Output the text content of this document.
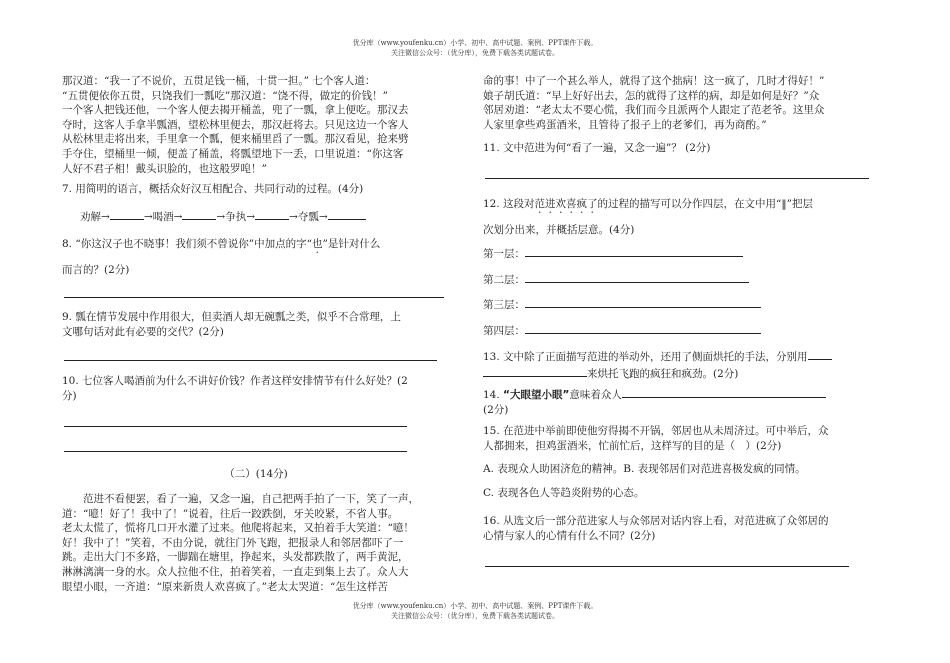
优分库（www.youfenku.cn）小学、初中、高中试题、案例、PPT课件下载。
关注微信公众号：（优分库），免费下载各类试题试卷。
那汉道：“我一了不说价，五贯足钱一桶，十贯一担。” 七个客人道：
“五贯便依你五贯，只饶我们一瓢吃”那汉道：“饶不得，做定的价钱！”
一个客人把钱还他，一个客人便去揭开桶盖，兜了一瓢，拿上便吃。那汉去
夺时，这客人手拿半瓢酒，望松林里便去，那汉赶将去。只见这边一个客人
从松林里走将出来，手里拿一个瓢，便来桶里舀了一瓢。那汉看见，抢来劈
手夺住，望桶里一倾，便盖了桶盖，将瓢望地下一丢，口里说道：“你这客
人好不君子相！戴头识脸的，也这般罗唣！”
7. 用简明的语言，概括众好汉互相配合、共同行动的过程。(4分)
劝解→	→喝酒→	→争执→	→夺瓢→
8. “你这汉子也不晓事！我们须不曾说你”中加点的字“也”是针对什么
而言的？(2分)
9. 瓢在情节发展中作用很大，但卖酒人却无碗瓢之类，似乎不合常理，上
文哪句话对此有必要的交代？(2分)
10. 七位客人喝酒前为什么不讲好价钱？作者这样安排情节有什么好处？(2
分)
（二）(14分)
　　范进不看便罢，看了一遍，又念一遍，自己把两手拍了一下，笑了一声，
道：“噫！好了！我中了！”说着，往后一跤跌倒，牙关咬紧，不省人事。
老太太慌了，慌将几口开水灌了过来。他爬将起来，又拍着手大笑道：“噫！
好！我中了！”笑着，不由分说，就往门外飞跑，把报录人和邻居都吓了一
跳。走出大门不多路，一脚踹在塘里，挣起来，头发都跌散了，两手黄泥，
淋淋漓漓一身的水。众人拉他不住，拍着笑着，一直走到集上去了。众人大
眼望小眼，一齐道：“原来新贵人欢喜疯了。”老太太哭道：“怎生这样苦
命的事！中了一个甚么举人，就得了这个拙病！这一疯了，几时才得好！”
娘子胡氏道：“早上好好出去，怎的就得了这样的病，却是如何是好？”众
邻居劝道：“老太太不要心慌，我们而今且派两个人跟定了范老爷。这里众
人家里拿些鸡蛋酒米，且管待了报子上的老爹们，再为商酌。”
11. 文中范进为何“看了一遍，又念一遍”？ (2分)
12. 这段对范进欢喜疯了的过程的描写可以分作四层，在文中用“‖”把层
次划分出来，并概括层意。(4分)
第一层：
第二层：
第三层：
第四层：
13. 文中除了正面描写范进的举动外，还用了侧面烘托的手法，分别用
来烘托飞跑的疯狂和疯劲。(2分)
14. “大眼望小眼”意味着众人
(2分)
15. 在范进中举前即使他穷得揭不开锅，邻居也从未周济过。可中举后，众
人都拥来，担鸡蛋酒米，忙前忙后，这样写的目的是（　）(2分)
A. 表现众人助困济危的精神。B. 表现邻居们对范进喜极发疯的同情。
C. 表现各色人等趋炎附势的心态。
16. 从选文后一部分范进家人与众邻居对话内容上看，对范进疯了众邻居的
心情与家人的心情有什么不同？(2分)
优分库（www.youfenku.cn）小学、初中、高中试题、案例、PPT课件下载。
关注微信公众号：（优分库），免费下载各类试题试卷。
